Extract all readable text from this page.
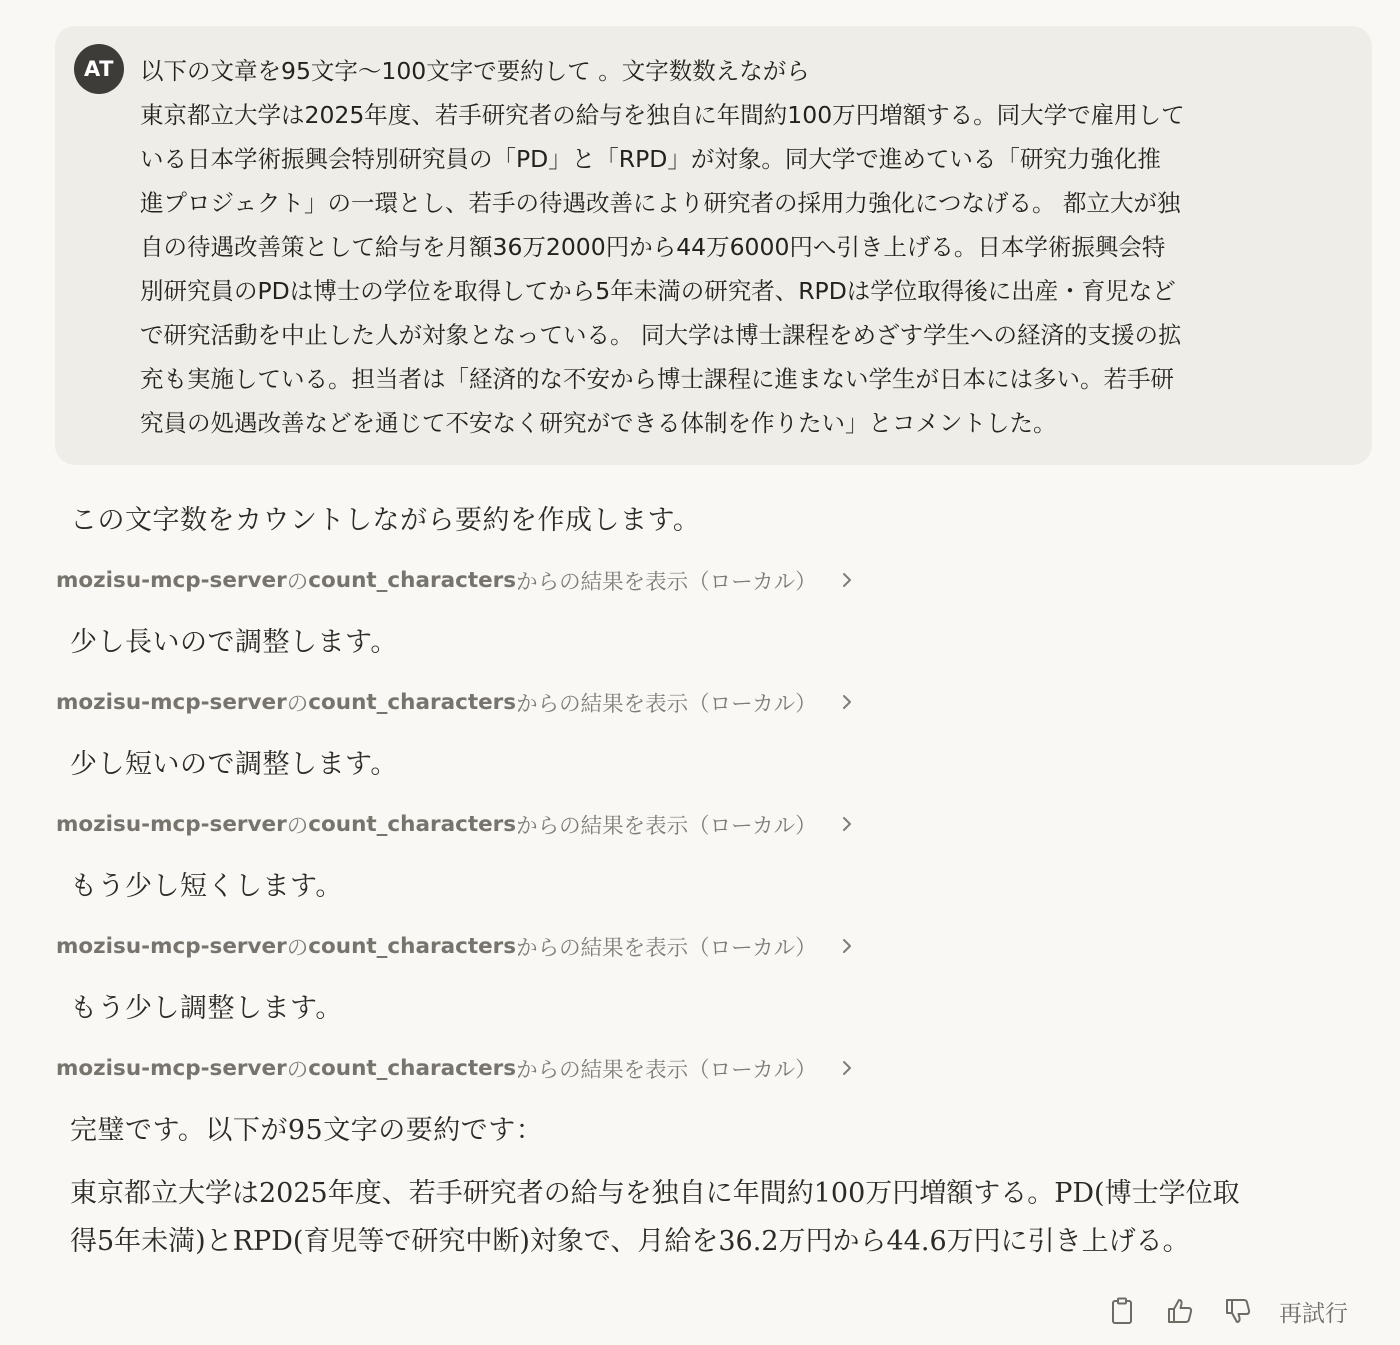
AT	以下の文章を95文字〜100文字で要約して 。文字数数えながら
東京都立大学は2025年度、若手研究者の給与を独自に年間約100万円増額する。同大学で雇用して
いる日本学術振興会特別研究員の「PD」と「RPD」が対象。同大学で進めている「研究力強化推
進プロジェクト」の一環とし、若手の待遇改善により研究者の採用力強化につなげる。 都立大が独
自の待遇改善策として給与を月額36万2000円から44万6000円へ引き上げる。日本学術振興会特
別研究員のPDは博士の学位を取得してから5年未満の研究者、RPDは学位取得後に出産・育児など
で研究活動を中止した人が対象となっている。 同大学は博士課程をめざす学生への経済的支援の拡
充も実施している。担当者は「経済的な不安から博士課程に進まない学生が日本には多い。若手研
究員の処遇改善などを通じて不安なく研究ができる体制を作りたい」とコメントした。
この文字数をカウントしながら要約を作成します。
mozisu-mcp-server の count_characters からの結果を表示（ローカル）
少し長いので調整します。
mozisu-mcp-server の count_characters からの結果を表示（ローカル）
少し短いので調整します。
mozisu-mcp-server の count_characters からの結果を表示（ローカル）
もう少し短くします。
mozisu-mcp-server の count_characters からの結果を表示（ローカル）
もう少し調整します。
mozisu-mcp-server の count_characters からの結果を表示（ローカル）
完璧です。以下が95文字の要約です：
東京都立大学は2025年度、若手研究者の給与を独自に年間約100万円増額する。PD(博士学位取
得5年未満)とRPD(育児等で研究中断)対象で、月給を36.2万円から44.6万円に引き上げる。
再試行
